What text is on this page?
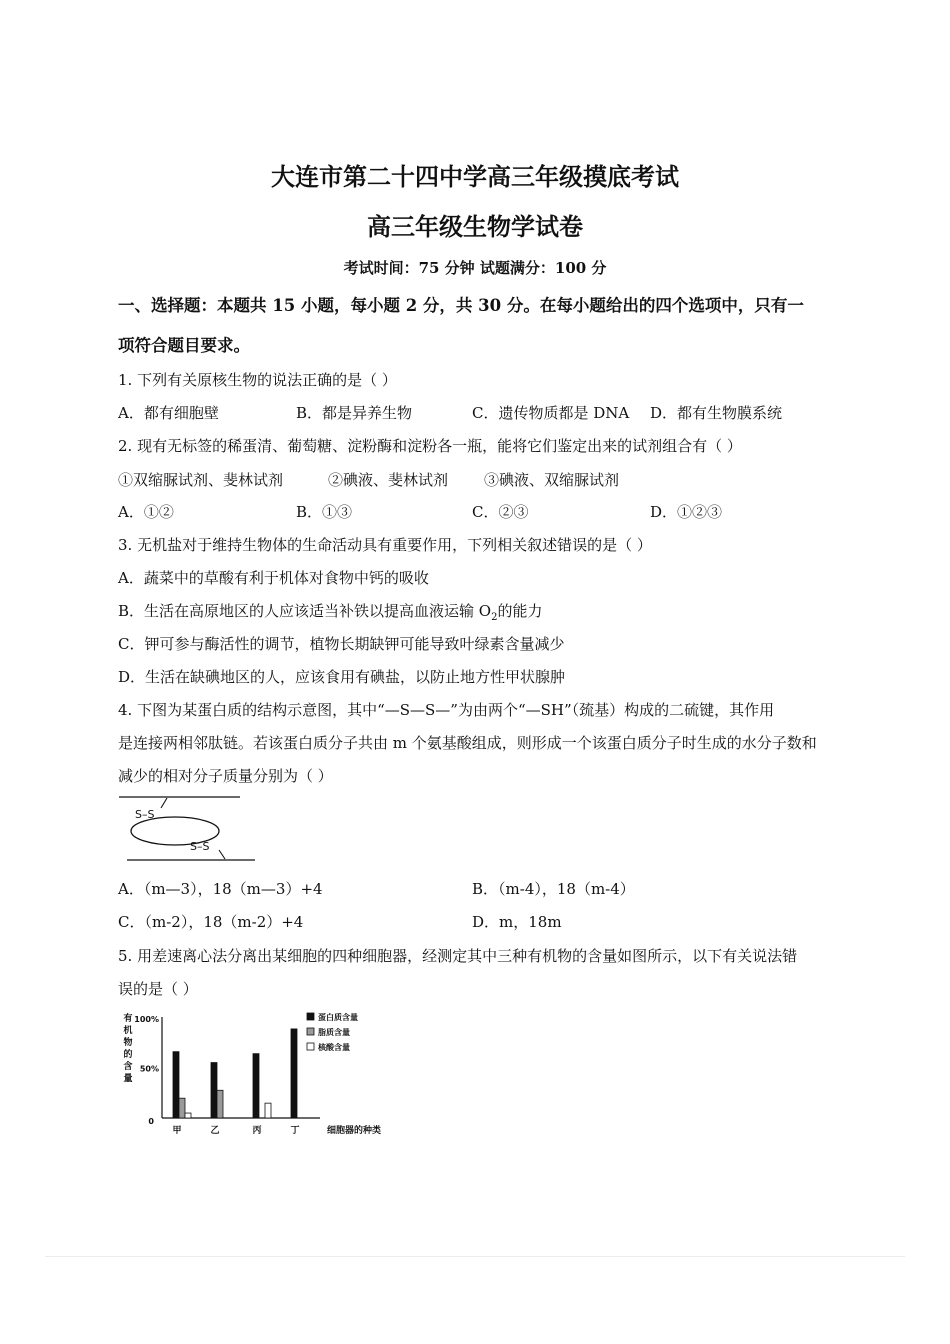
大连市第二十四中学高三年级摸底考试
高三年级生物学试卷
考试时间：75 分钟 试题满分：100 分
一、选择题：本题共 15 小题，每小题 2 分，共 30 分。在每小题给出的四个选项中，只有一
项符合题目要求。
1. 下列有关原核生物的说法正确的是（ ）
A．都有细胞壁	B．都是异养生物	C．遗传物质都是 DNA D．都有生物膜系统
2. 现有无标签的稀蛋清、葡萄糖、淀粉酶和淀粉各一瓶，能将它们鉴定出来的试剂组合有（ ）
①双缩脲试剂、斐林试剂	②碘液、斐林试剂 ③碘液、双缩脲试剂
A．①②	B．①③	C．②③	D．①②③
3. 无机盐对于维持生物体的生命活动具有重要作用，下列相关叙述错误的是（ ）
A．蔬菜中的草酸有利于机体对食物中钙的吸收
B．生活在高原地区的人应该适当补铁以提高血液运输 $O_2$的能力
C．钾可参与酶活性的调节，植物长期缺钾可能导致叶绿素含量减少
D．生活在缺碘地区的人，应该食用有碘盐，以防止地方性甲状腺肿
4. 下图为某蛋白质的结构示意图，其中“—S—S—”为由两个“—SH”（巯基）构成的二硫键，其作用
是连接两相邻肽链。若该蛋白质分子共由 m 个氨基酸组成，则形成一个该蛋白质分子时生成的水分子数和
减少的相对分子质量分别为（ ）
S–S
S–S
A．（m—3），18（m—3）+4	B．（m-4），18（m-4）
C．（m-2），18（m-2）+4	D．m，18m
5. 用差速离心法分离出某细胞的四种细胞器，经测定其中三种有机物的含量如图所示，以下有关说法错
误的是（ ）
有机物的含量
0
50%
100%
甲	乙	丙	丁	细胞器的种类
蛋白质含量
脂质含量
核酸含量
